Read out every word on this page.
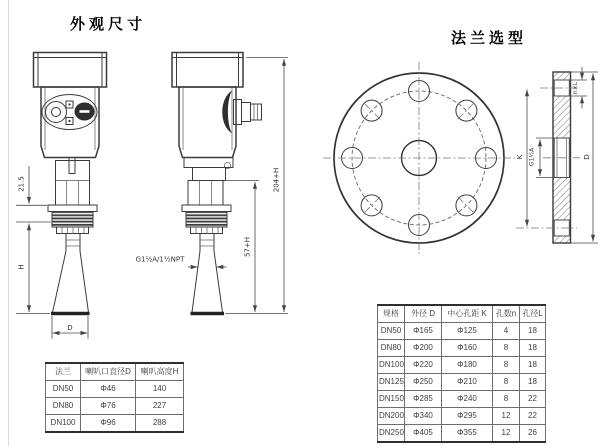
外观尺寸
法兰选型
21.5
H
D
G1½A/1½NPT
57+H
204+H
K G1½A
n×L
D
法兰	喇叭口直径D	喇叭高度H
DN50	Φ46	140
DN80	Φ76	227
DN100	Φ96	288
规格	外径 D	中心孔距 K	孔数n	孔径L
DN50	Φ165	Φ125	4	18
DN80	Φ200	Φ160	8	18
DN100	Φ220	Φ180	8	18
DN125	Φ250	Φ210	8	18
DN150	Φ285	Φ240	8	22
DN200	Φ340	Φ295	12	22
DN250	Φ405	Φ355	12	26
